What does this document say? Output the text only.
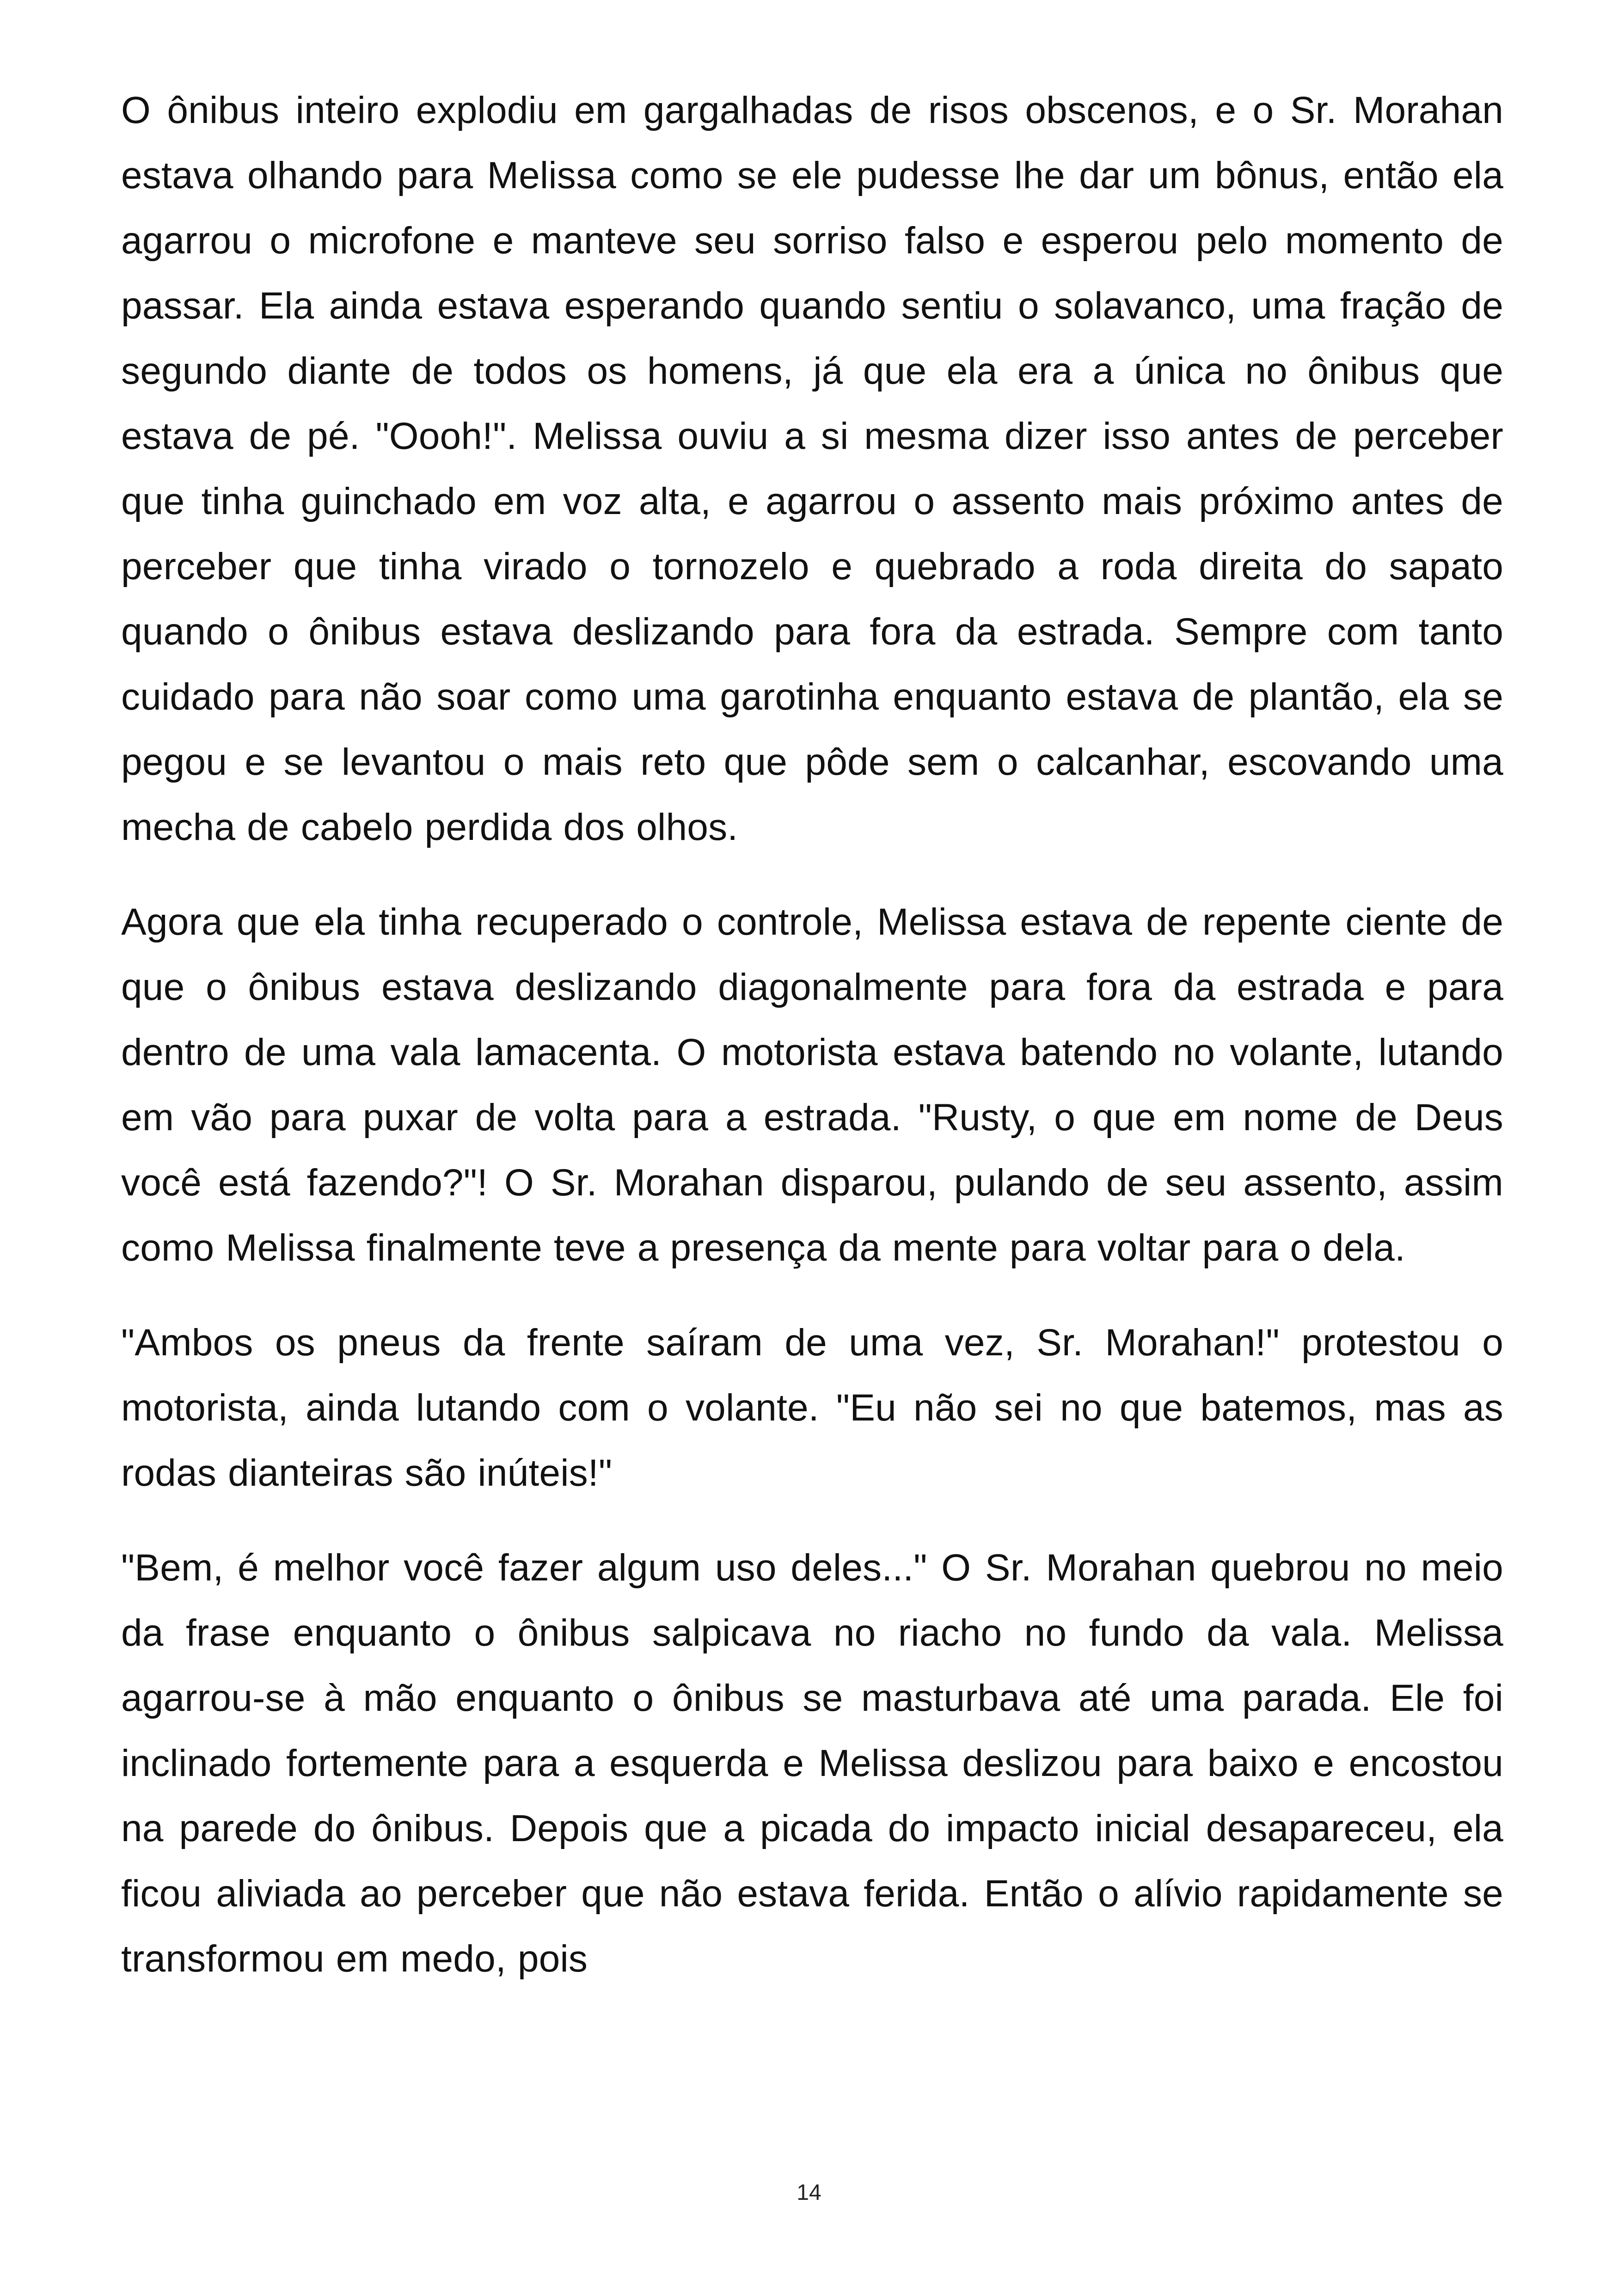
O ônibus inteiro explodiu em gargalhadas de risos obscenos, e o Sr. Morahan estava olhando para Melissa como se ele pudesse lhe dar um bônus, então ela agarrou o microfone e manteve seu sorriso falso e esperou pelo momento de passar. Ela ainda estava esperando quando sentiu o solavanco, uma fração de segundo diante de todos os homens, já que ela era a única no ônibus que estava de pé. "Oooh!". Melissa ouviu a si mesma dizer isso antes de perceber que tinha guinchado em voz alta, e agarrou o assento mais próximo antes de perceber que tinha virado o tornozelo e quebrado a roda direita do sapato quando o ônibus estava deslizando para fora da estrada. Sempre com tanto cuidado para não soar como uma garotinha enquanto estava de plantão, ela se pegou e se levantou o mais reto que pôde sem o calcanhar, escovando uma mecha de cabelo perdida dos olhos.

Agora que ela tinha recuperado o controle, Melissa estava de repente ciente de que o ônibus estava deslizando diagonalmente para fora da estrada e para dentro de uma vala lamacenta. O motorista estava batendo no volante, lutando em vão para puxar de volta para a estrada. "Rusty, o que em nome de Deus você está fazendo?"! O Sr. Morahan disparou, pulando de seu assento, assim como Melissa finalmente teve a presença da mente para voltar para o dela.

"Ambos os pneus da frente saíram de uma vez, Sr. Morahan!" protestou o motorista, ainda lutando com o volante. "Eu não sei no que batemos, mas as rodas dianteiras são inúteis!"

"Bem, é melhor você fazer algum uso deles..." O Sr. Morahan quebrou no meio da frase enquanto o ônibus salpicava no riacho no fundo da vala. Melissa agarrou-se à mão enquanto o ônibus se masturbava até uma parada. Ele foi inclinado fortemente para a esquerda e Melissa deslizou para baixo e encostou na parede do ônibus. Depois que a picada do impacto inicial desapareceu, ela ficou aliviada ao perceber que não estava ferida. Então o alívio rapidamente se transformou em medo, pois

14
